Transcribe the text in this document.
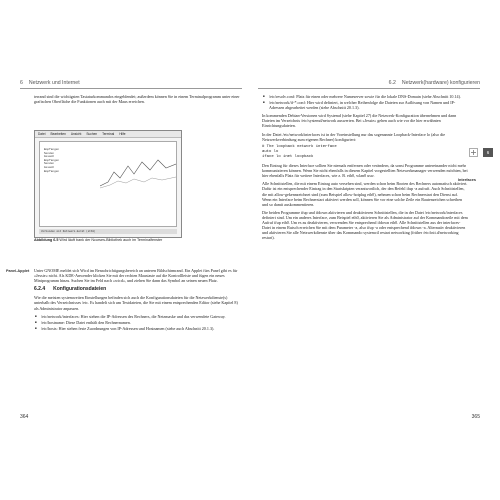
6 Netzwerk und Internet

terrand sind die wichtigsten Tastaturkommandos eingeblendet; außerdem können Sie in einem Terminalprogramm unter einer grafischen Oberfläche die Funktionen auch mit der Maus erreichen.

Datei Bearbeiten Ansicht Suchen Terminal Hilfe
Empfangen
Senden
Gesamt
Empfangen
Senden
Gesamt
Empfangen
Verbunden mit Netzwerk-Gerät (eth0)
Abbildung 6.5 Wird läuft bank der Ncurses-Bibliothek auch im Terminalfenster
Panel-Applet Unter GNOME meldet sich Wicd im Benachrichtigungsbereich an unteren Bildschirmrand. Ein Applet fürs Panel gibt es für »Jessie« nicht. Als KDE-Anwender klicken Sie mit der rechten Maustaste auf die Kontrollleiste und fügen ein neues Miniprogramm hinzu. Suchen Sie im Feld nach »wicd«, und ziehen Sie dann das Symbol an seinen neuen Platz.

6.2.4 Konfigurationsdateien

Wie die meisten systemweiten Einstellungen befinden sich auch die Konfigurationsdateien für die Netzwerkdienste(s) unterhalb des Verzeichnisses /etc. Es handelt sich um Textdateien, die Sie mit einem entsprechenden Editor (siehe Kapitel 8) als Administrator anpassen.

■ /etc/network/interfaces: Hier stehen die IP-Adressen des Rechners, die Netzmaske und das verwendete Gateway.
■ /etc/hostname: Diese Datei enthält den Rechnernamen.
■ /etc/hosts: Hier stehen feste Zuordnungen von IP-Adressen und Hostnamen (siehe auch Abschnitt 20.1.3).
364
6.2 Netzwerk(hardware) konfigurieren
■ /etc/resolv.conf: Platz für einen oder mehrere Nameserver sowie für die lokale DNS-Domain (siehe Abschnitt 10.14).
■ /etc/network/if-*.conf: Hier wird definiert, in welcher Reihenfolge die Dateien zur Auflösung von Namen und IP-Adressen abgearbeitet werden (siehe Abschnitt 20.1.3).

In kommenden Debian-Versionen wird Systemd (siehe Kapitel 27) die Netzwerk-Konfiguration übernehmen und dann Dateien im Verzeichnis /etc/systemd/network auswerten. Bei »Jessie« gehen auch wie vor die hier erwähnten Einrichtungsdateien.

In der Datei /etc/network/interfaces ist in der Voreinstellung nur das sogenannte Loopback-Interface lo (also die Netzwerkverbindung zum eigenen Rechner) konfiguriert:

# The loopback network interface
auto lo
iface lo inet loopback

Den Eintrag für dieses Interface sollten Sie niemals entfernen oder verändern, da sonst Programme untereinander nicht mehr kommunizieren können. Wenn Sie nicht ebenfalls in diesem Kapitel vorgestellten Netzwerkmanager verwenden möchten, bei hier ebenfalls Platz für weitere Interfaces, wie z. B. eth0, wlan0 usw.

Alle Schnittstellen, die mit einem Eintrag auto versehen sind, werden schon beim Booten des Rechners automatisch aktiviert. Dafür ist ein entsprechender Eintrag in den Startskripten verantwortlich, der den Befehl ifup -a aufruft. Auch Schnittstellen, die mit allow-gekennzeichnet sind (zum Beispiel allow-hotplug eth0), nehmen schon beim Rechnerstart den Dienst auf. Wenn ein Interface beim Rechnerstart aktiviert werden soll, können Sie vor eine solche Zeile ein Rautenzeichen schreiben und so damit auskommentieren.

Die beiden Programme ifup und ifdown aktivieren und deaktivieren Schnittstellen, die in der Datei /etc/network/interfaces definiert sind. Um ein anderes Interface, zum Beispiel eth0, aktivieren Sie als Administrator auf der Kommandozeile mit dem Aufruf ifup eth0. Um es zu deaktivieren, verwenden Sie entsprechend ifdown eth0. Alle Schnittstellen aus der interfaces-Datei in einem Rutsch erreichen Sie mit dem Parameter -a, also ifup -a oder entsprechend ifdown -a. Alternativ deaktivieren und aktivieren Sie alle Netzwerkdienste über das Kommando systemctl restart networking (früher /etc/init.d/networking restart).

Interfaces
365
6
